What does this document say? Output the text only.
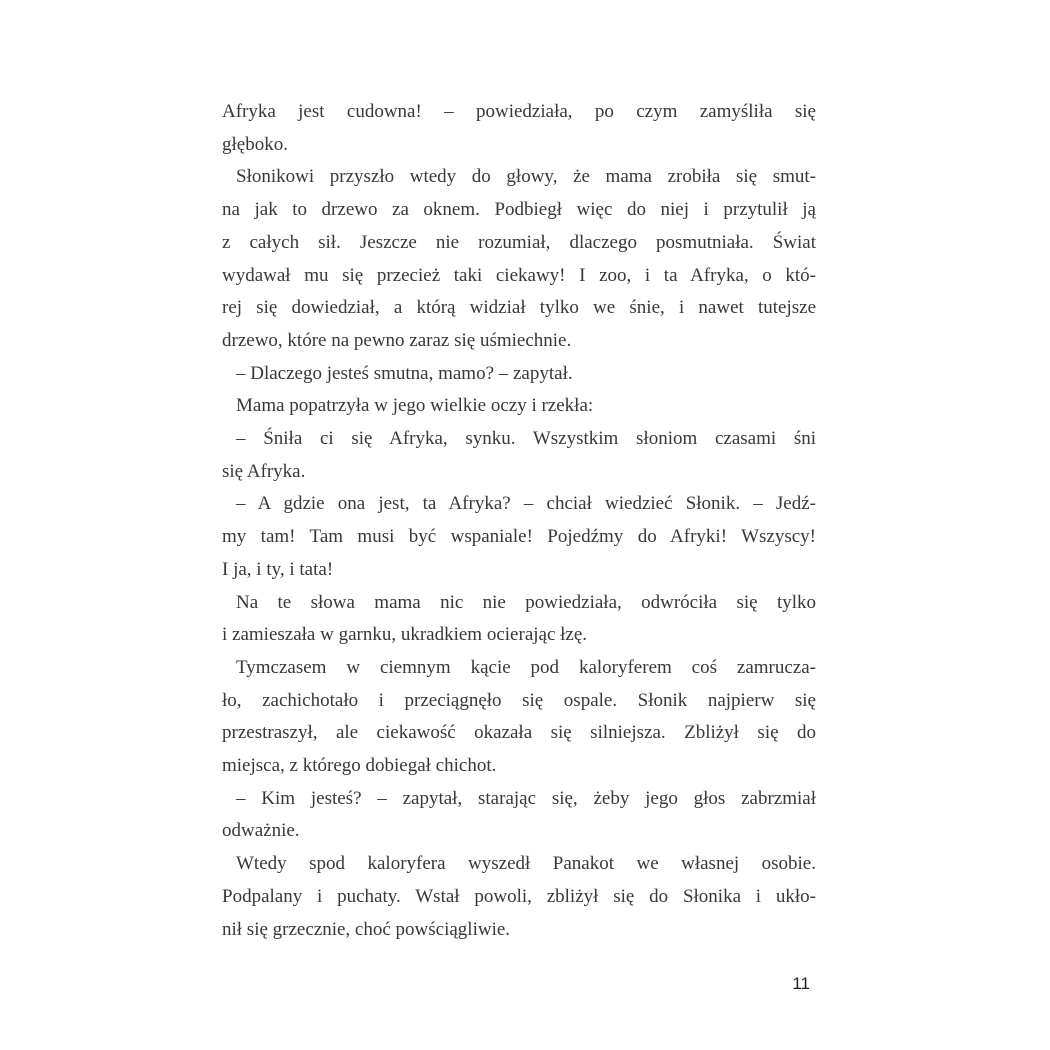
Afryka jest cudowna! – powiedziała, po czym zamyśliła się
głęboko.
Słonikowi przyszło wtedy do głowy, że mama zrobiła się smut-
na jak to drzewo za oknem. Podbiegł więc do niej i przytulił ją
z całych sił. Jeszcze nie rozumiał, dlaczego posmutniała. Świat
wydawał mu się przecież taki ciekawy! I zoo, i ta Afryka, o któ-
rej się dowiedział, a którą widział tylko we śnie, i nawet tutejsze
drzewo, które na pewno zaraz się uśmiechnie.
– Dlaczego jesteś smutna, mamo? – zapytał.
Mama popatrzyła w jego wielkie oczy i rzekła:
– Śniła ci się Afryka, synku. Wszystkim słoniom czasami śni
się Afryka.
– A gdzie ona jest, ta Afryka? – chciał wiedzieć Słonik. – Jedź-
my tam! Tam musi być wspaniale! Pojedźmy do Afryki! Wszyscy!
I ja, i ty, i tata!
Na te słowa mama nic nie powiedziała, odwróciła się tylko
i zamieszała w garnku, ukradkiem ocierając łzę.
Tymczasem w ciemnym kącie pod kaloryferem coś zamrucza-
ło, zachichotało i przeciągnęło się ospale. Słonik najpierw się
przestraszył, ale ciekawość okazała się silniejsza. Zbliżył się do
miejsca, z którego dobiegał chichot.
– Kim jesteś? – zapytał, starając się, żeby jego głos zabrzmiał
odważnie.
Wtedy spod kaloryfera wyszedł Panakot we własnej osobie.
Podpalany i puchaty. Wstał powoli, zbliżył się do Słonika i ukło-
nił się grzecznie, choć powściągliwie.
11
